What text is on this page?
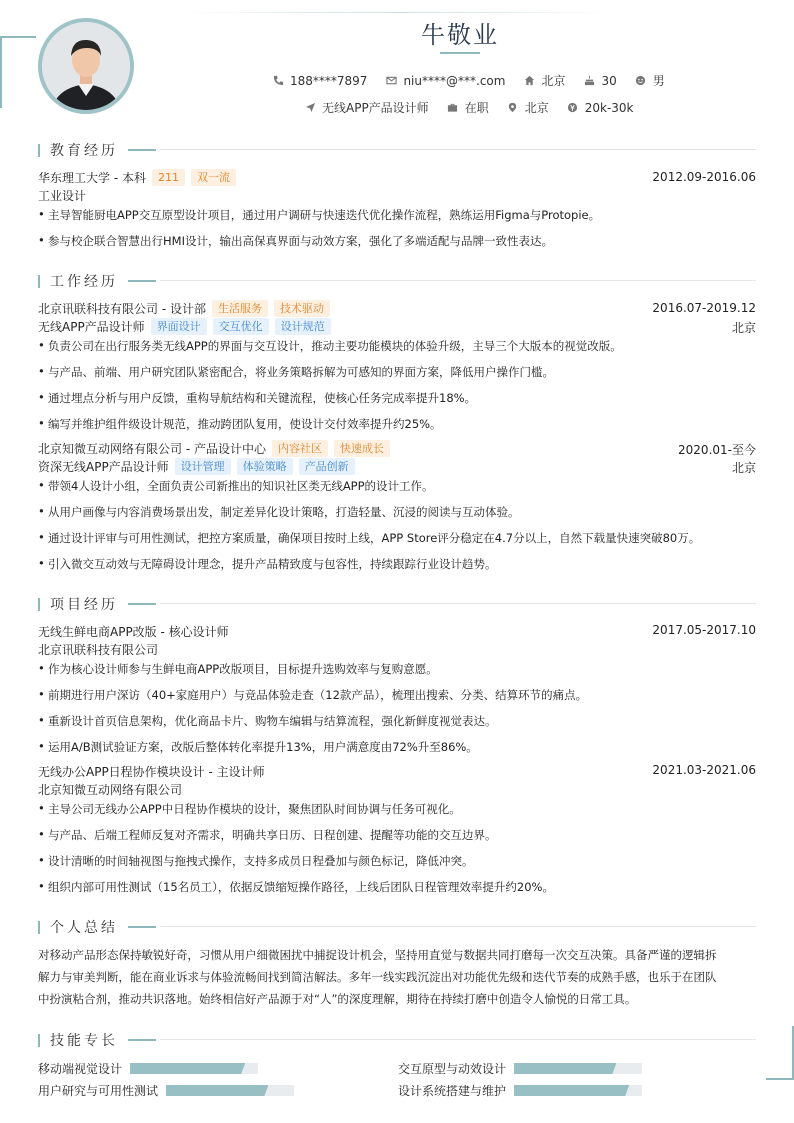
牛敬业
188****7897	niu****@***.com	北京	30	男
无线APP产品设计师	在职	北京	20k-30k
教育经历
华东理工大学 - 本科	211	双一流	2012.09-2016.06
工业设计
• 主导智能厨电APP交互原型设计项目，通过用户调研与快速迭代优化操作流程，熟练运用Figma与Protopie。
• 参与校企联合智慧出行HMI设计，输出高保真界面与动效方案，强化了多端适配与品牌一致性表达。
工作经历
北京讯联科技有限公司 - 设计部	生活服务	技术驱动	2016.07-2019.12
无线APP产品设计师	界面设计	交互优化	设计规范	北京
• 负责公司在出行服务类无线APP的界面与交互设计，推动主要功能模块的体验升级，主导三个大版本的视觉改版。
• 与产品、前端、用户研究团队紧密配合，将业务策略拆解为可感知的界面方案，降低用户操作门槛。
• 通过埋点分析与用户反馈，重构导航结构和关键流程，使核心任务完成率提升18%。
• 编写并维护组件级设计规范，推动跨团队复用，使设计交付效率提升约25%。
北京知微互动网络有限公司 - 产品设计中心	内容社区	快速成长	2020.01-至今
资深无线APP产品设计师	设计管理	体验策略	产品创新	北京
• 带领4人设计小组，全面负责公司新推出的知识社区类无线APP的设计工作。
• 从用户画像与内容消费场景出发，制定差异化设计策略，打造轻量、沉浸的阅读与互动体验。
• 通过设计评审与可用性测试，把控方案质量，确保项目按时上线，APP Store评分稳定在4.7分以上，自然下载量快速突破80万。
• 引入微交互动效与无障碍设计理念，提升产品精致度与包容性，持续跟踪行业设计趋势。
项目经历
无线生鲜电商APP改版 - 核心设计师	2017.05-2017.10
北京讯联科技有限公司
• 作为核心设计师参与生鲜电商APP改版项目，目标提升选购效率与复购意愿。
• 前期进行用户深访（40+家庭用户）与竞品体验走查（12款产品），梳理出搜索、分类、结算环节的痛点。
• 重新设计首页信息架构，优化商品卡片、购物车编辑与结算流程，强化新鲜度视觉表达。
• 运用A/B测试验证方案，改版后整体转化率提升13%，用户满意度由72%升至86%。
无线办公APP日程协作模块设计 - 主设计师	2021.03-2021.06
北京知微互动网络有限公司
• 主导公司无线办公APP中日程协作模块的设计，聚焦团队时间协调与任务可视化。
• 与产品、后端工程师反复对齐需求，明确共享日历、日程创建、提醒等功能的交互边界。
• 设计清晰的时间轴视图与拖拽式操作，支持多成员日程叠加与颜色标记，降低冲突。
• 组织内部可用性测试（15名员工），依据反馈缩短操作路径，上线后团队日程管理效率提升约20%。
个人总结
对移动产品形态保持敏锐好奇，习惯从用户细微困扰中捕捉设计机会，坚持用直觉与数据共同打磨每一次交互决策。具备严谨的逻辑拆
解力与审美判断，能在商业诉求与体验流畅间找到简洁解法。多年一线实践沉淀出对功能优先级和迭代节奏的成熟手感，也乐于在团队
中扮演粘合剂，推动共识落地。始终相信好产品源于对“人”的深度理解，期待在持续打磨中创造令人愉悦的日常工具。
技能专长
移动端视觉设计	交互原型与动效设计
用户研究与可用性测试	设计系统搭建与维护
